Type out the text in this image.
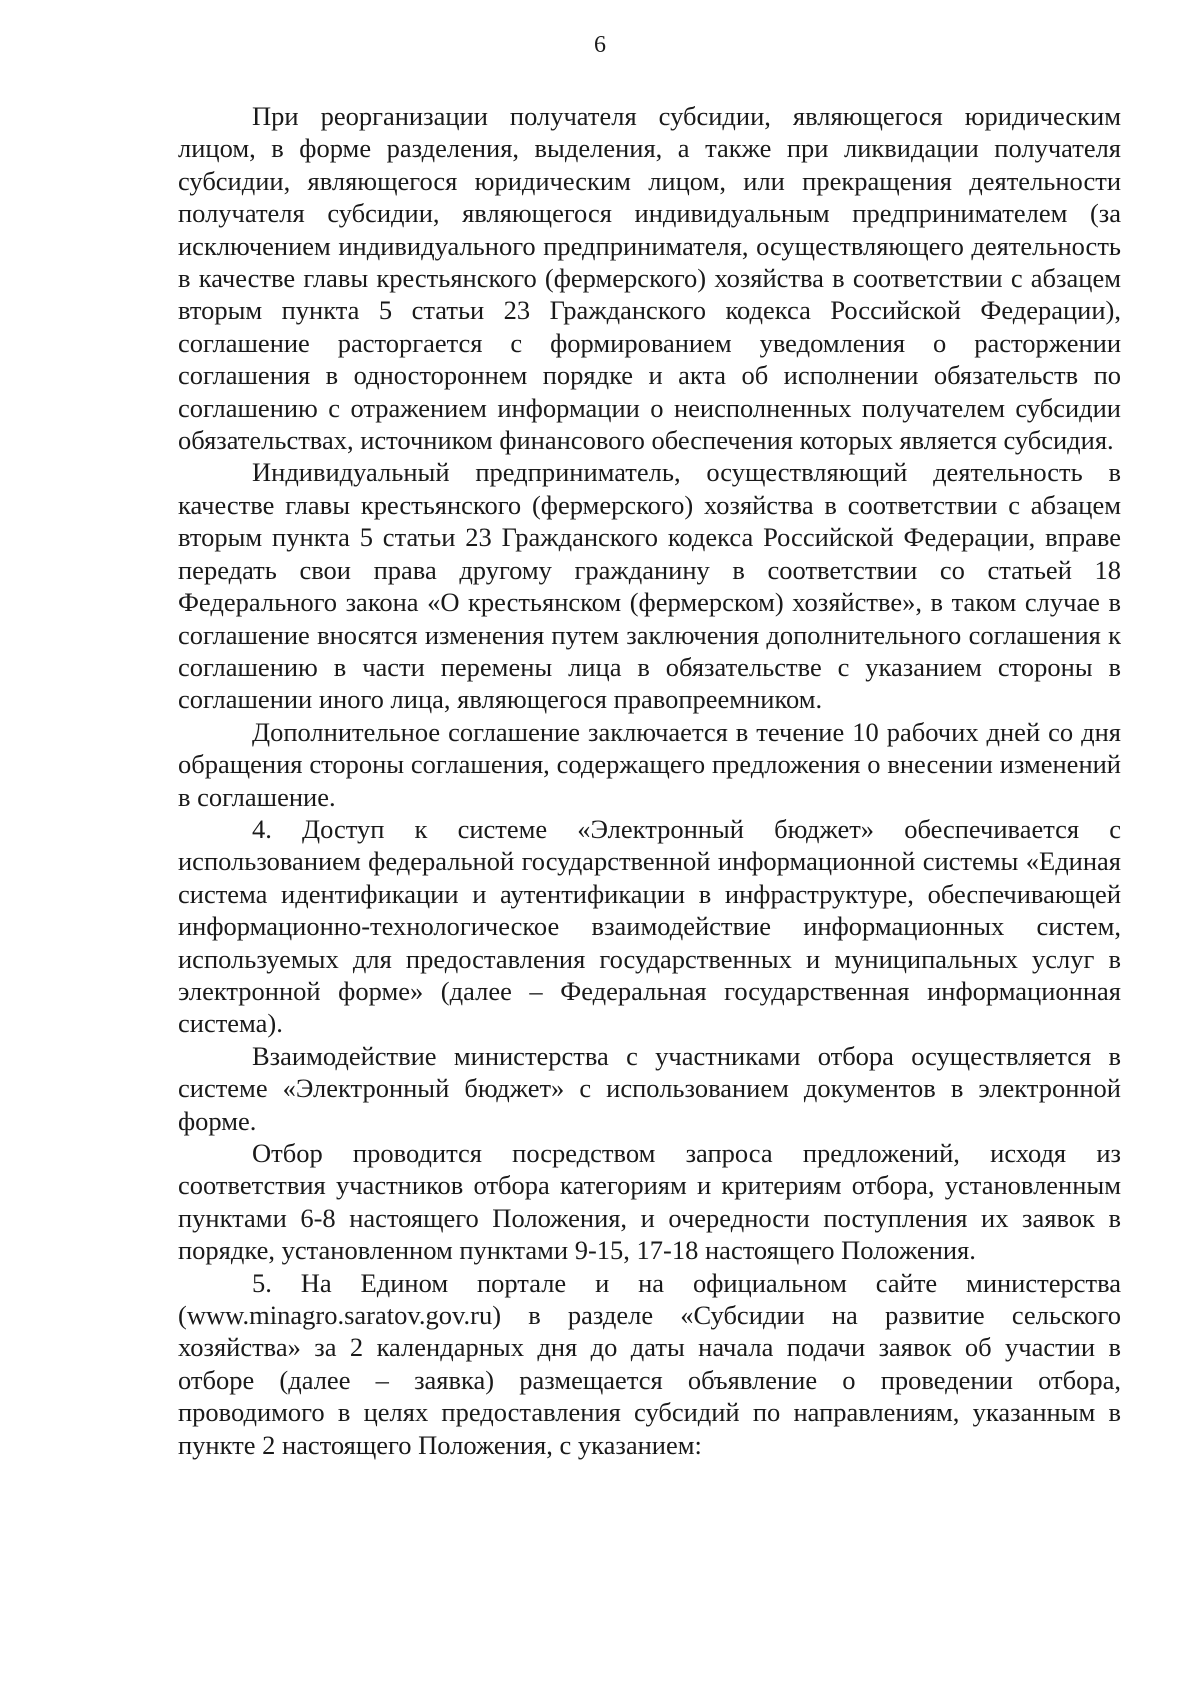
6

При реорганизации получателя субсидии, являющегося юридическим лицом, в форме разделения, выделения, а также при ликвидации получателя субсидии, являющегося юридическим лицом, или прекращения деятельности получателя субсидии, являющегося индивидуальным предпринимателем (за исключением индивидуального предпринимателя, осуществляющего деятельность в качестве главы крестьянского (фермерского) хозяйства в соответствии с абзацем вторым пункта 5 статьи 23 Гражданского кодекса Российской Федерации), соглашение расторгается с формированием уведомления о расторжении соглашения в одностороннем порядке и акта об исполнении обязательств по соглашению с отражением информации о неисполненных получателем субсидии обязательствах, источником финансового обеспечения которых является субсидия.

Индивидуальный предприниматель, осуществляющий деятельность в качестве главы крестьянского (фермерского) хозяйства в соответствии с абзацем вторым пункта 5 статьи 23 Гражданского кодекса Российской Федерации, вправе передать свои права другому гражданину в соответствии со статьей 18 Федерального закона «О крестьянском (фермерском) хозяйстве», в таком случае в соглашение вносятся изменения путем заключения дополнительного соглашения к соглашению в части перемены лица в обязательстве с указанием стороны в соглашении иного лица, являющегося правопреемником.

Дополнительное соглашение заключается в течение 10 рабочих дней со дня обращения стороны соглашения, содержащего предложения о внесении изменений в соглашение.

4. Доступ к системе «Электронный бюджет» обеспечивается с использованием федеральной государственной информационной системы «Единая система идентификации и аутентификации в инфраструктуре, обеспечивающей информационно-технологическое взаимодействие информационных систем, используемых для предоставления государственных и муниципальных услуг в электронной форме» (далее – Федеральная государственная информационная система).

Взаимодействие министерства с участниками отбора осуществляется в системе «Электронный бюджет» с использованием документов в электронной форме.

Отбор проводится посредством запроса предложений, исходя из соответствия участников отбора категориям и критериям отбора, установленным пунктами 6-8 настоящего Положения, и очередности поступления их заявок в порядке, установленном пунктами 9-15, 17-18 настоящего Положения.

5. На Едином портале и на официальном сайте министерства (www.minagro.saratov.gov.ru) в разделе «Субсидии на развитие сельского хозяйства» за 2 календарных дня до даты начала подачи заявок об участии в отборе (далее – заявка) размещается объявление о проведении отбора, проводимого в целях предоставления субсидий по направлениям, указанным в пункте 2 настоящего Положения, с указанием:
